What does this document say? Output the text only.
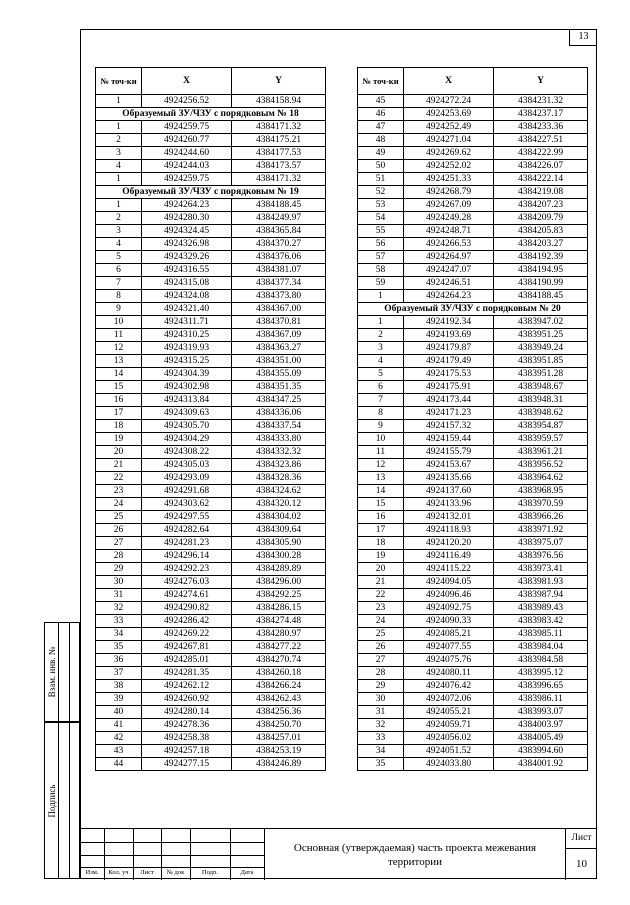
13
№ точ-ки	X	Y
1	4924256.52	4384158.94
Образуемый ЗУ/ЧЗУ с порядковым № 18		
1	4924259.75	4384171.32
2	4924260.77	4384175.21
3	4924244.60	4384177.53
4	4924244.03	4384173.57
1	4924259.75	4384171.32
Образуемый ЗУ/ЧЗУ с порядковым № 19		
1	4924264.23	4384188.45
2	4924280.30	4384249.97
3	4924324.45	4384365.84
4	4924326.98	4384370.27
5	4924329.26	4384376.06
6	4924316.55	4384381.07
7	4924315.08	4384377.34
8	4924324.08	4384373.80
9	4924321.40	4384367.00
10	4924311.71	4384370.81
11	4924310.25	4384367.09
12	4924319.93	4384363.27
13	4924315.25	4384351.00
14	4924304.39	4384355.09
15	4924302.98	4384351.35
16	4924313.84	4384347.25
17	4924309.63	4384336.06
18	4924305.70	4384337.54
19	4924304.29	4384333.80
20	4924308.22	4384332.32
21	4924305.03	4384323.86
22	4924293.09	4384328.36
23	4924291.68	4384324.62
24	4924303.62	4384320.12
25	4924297.55	4384304.02
26	4924282.64	4384309.64
27	4924281.23	4384305.90
28	4924296.14	4384300.28
29	4924292.23	4384289.89
30	4924276.03	4384296.00
31	4924274.61	4384292.25
32	4924290.82	4384286.15
33	4924286.42	4384274.48
34	4924269.22	4384280.97
35	4924267.81	4384277.22
36	4924285.01	4384270.74
37	4924281.35	4384260.18
38	4924262.12	4384266.24
39	4924260.92	4384262.43
40	4924280.14	4384256.36
41	4924278.36	4384250.70
42	4924258.38	4384257.01
43	4924257.18	4384253.19
44	4924277.15	4384246.89
№ точ-ки	X	Y
45	4924272.24	4384231.32
46	4924253.69	4384237.17
47	4924252.49	4384233.36
48	4924271.04	4384227.51
49	4924269.62	4384222.99
50	4924252.02	4384226.07
51	4924251.33	4384222.14
52	4924268.79	4384219.08
53	4924267.09	4384207.23
54	4924249.28	4384209.79
55	4924248.71	4384205.83
56	4924266.53	4384203.27
57	4924264.97	4384192.39
58	4924247.07	4384194.95
59	4924246.51	4384190.99
1	4924264.23	4384188.45
Образуемый ЗУ/ЧЗУ с порядковым № 20		
1	4924192.34	4383947.02
2	4924193.69	4383951.25
3	4924179.87	4383949.24
4	4924179.49	4383951.85
5	4924175.53	4383951.28
6	4924175.91	4383948.67
7	4924173.44	4383948.31
8	4924171.23	4383948.62
9	4924157.32	4383954.87
10	4924159.44	4383959.57
11	4924155.79	4383961.21
12	4924153.67	4383956.52
13	4924135.66	4383964.62
14	4924137.60	4383968.95
15	4924133.96	4383970.59
16	4924132.01	4383966.26
17	4924118.93	4383971.92
18	4924120.20	4383975.07
19	4924116.49	4383976.56
20	4924115.22	4383973.41
21	4924094.05	4383981.93
22	4924096.46	4383987.94
23	4924092.75	4383989.43
24	4924090.33	4383983.42
25	4924085.21	4383985.11
26	4924077.55	4383984.04
27	4924075.76	4383984.58
28	4924080.11	4383995.12
29	4924076.42	4383996.65
30	4924072.06	4383986.11
31	4924055.21	4383993.07
32	4924059.71	4384003.97
33	4924056.02	4384005.49
34	4924051.52	4383994.60
35	4924033.80	4384001.92
Взам. инв. №
Подпись
Изм.	Кол. уч	Лист	№ док	Подп.	Дата
Основная (утверждаемая) часть проекта межевания территории
Лист
10
